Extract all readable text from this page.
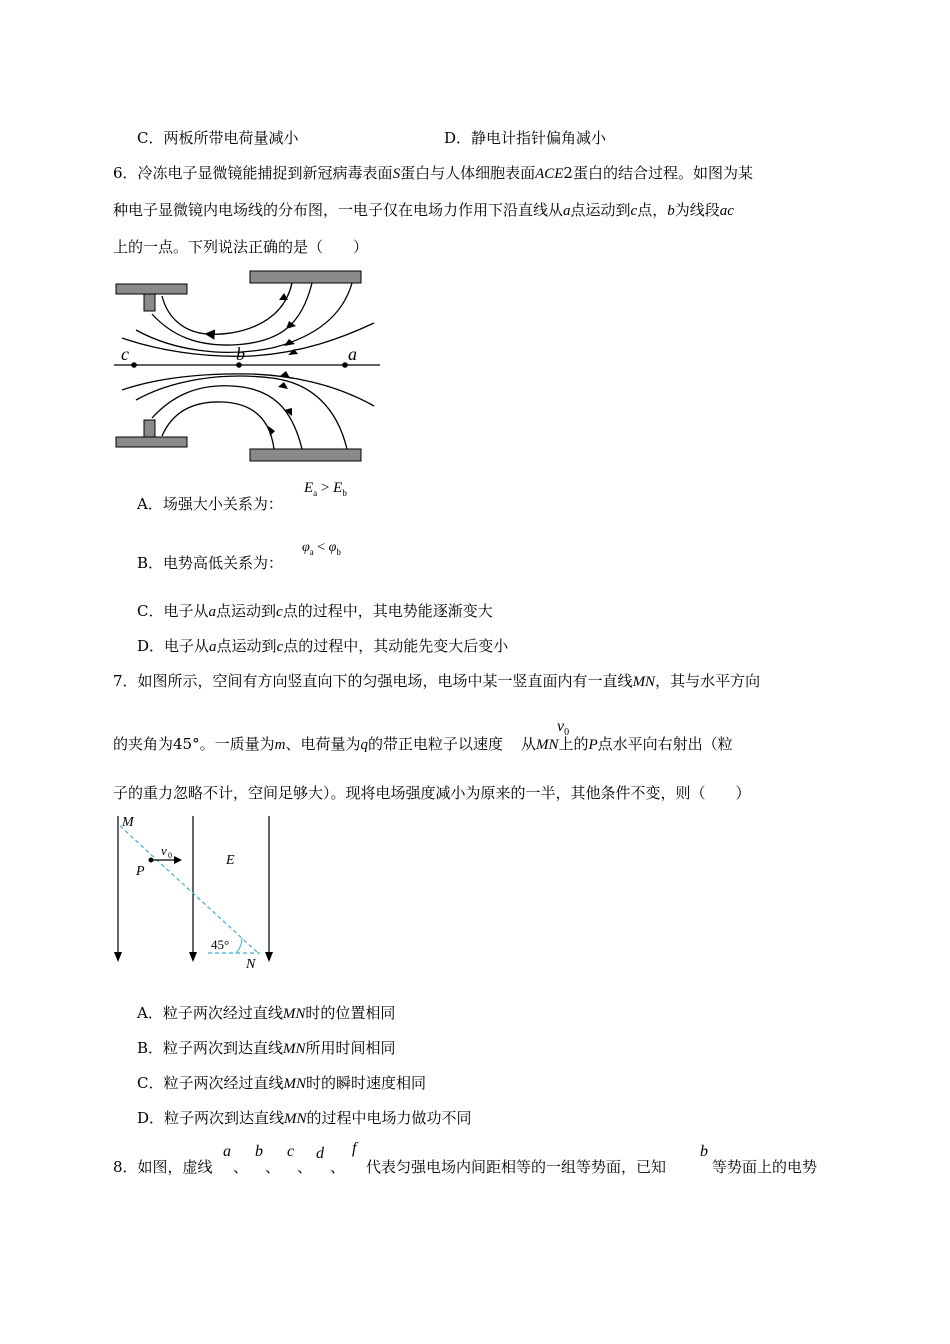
C．两板所带电荷量减小	D．静电计指针偏角减小
6．冷冻电子显微镜能捕捉到新冠病毒表面S蛋白与人体细胞表面ACE2蛋白的结合过程。如图为某
种电子显微镜内电场线的分布图，一电子仅在电场力作用下沿直线从a点运动到c点，b为线段ac
上的一点。下列说法正确的是（　　）
c	b	a
A．场强大小关系为：
$E_a > E_b$
B．电势高低关系为：
$\varphi_a < \varphi_b$
C．电子从a点运动到c点的过程中，其电势能逐渐变大
D．电子从a点运动到c点的过程中，其动能先变大后变小
7．如图所示，空间有方向竖直向下的匀强电场，电场中某一竖直面内有一直线MN，其与水平方向
的夹角为45°。一质量为m、电荷量为q的带正电粒子以速度 从MN上的P点水平向右射出（粒
$v_0$
子的重力忽略不计，空间足够大）。现将电场强度减小为原来的一半，其他条件不变，则（　　）
M
P
v 0	E
45°
N
A．粒子两次经过直线MN时的位置相同
B．粒子两次到达直线MN所用时间相同
C．粒子两次经过直线MN时的瞬时速度相同
D．粒子两次到达直线MN的过程中电场力做功不同
8．如图，虚线
a
、
b
、
c
、
d
、
f
代表匀强电场内间距相等的一组等势面，已知
b
等势面上的电势
